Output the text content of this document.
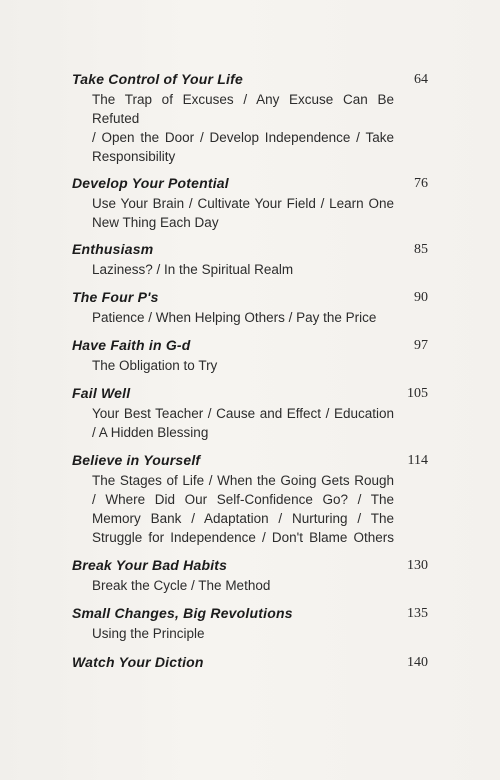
Take Control of Your Life	64
The Trap of Excuses / Any Excuse Can Be Refuted
/ Open the Door / Develop Independence / Take
Responsibility
Develop Your Potential	76
Use Your Brain / Cultivate Your Field / Learn One
New Thing Each Day
Enthusiasm	85
Laziness? / In the Spiritual Realm
The Four P's	90
Patience / When Helping Others / Pay the Price
Have Faith in G-d	97
The Obligation to Try
Fail Well	105
Your Best Teacher / Cause and Effect / Education
/ A Hidden Blessing
Believe in Yourself	114
The Stages of Life / When the Going Gets Rough
/ Where Did Our Self-Confidence Go? / The
Memory Bank / Adaptation / Nurturing / The
Struggle for Independence / Don't Blame Others
Break Your Bad Habits	130
Break the Cycle / The Method
Small Changes, Big Revolutions	135
Using the Principle
Watch Your Diction	140
